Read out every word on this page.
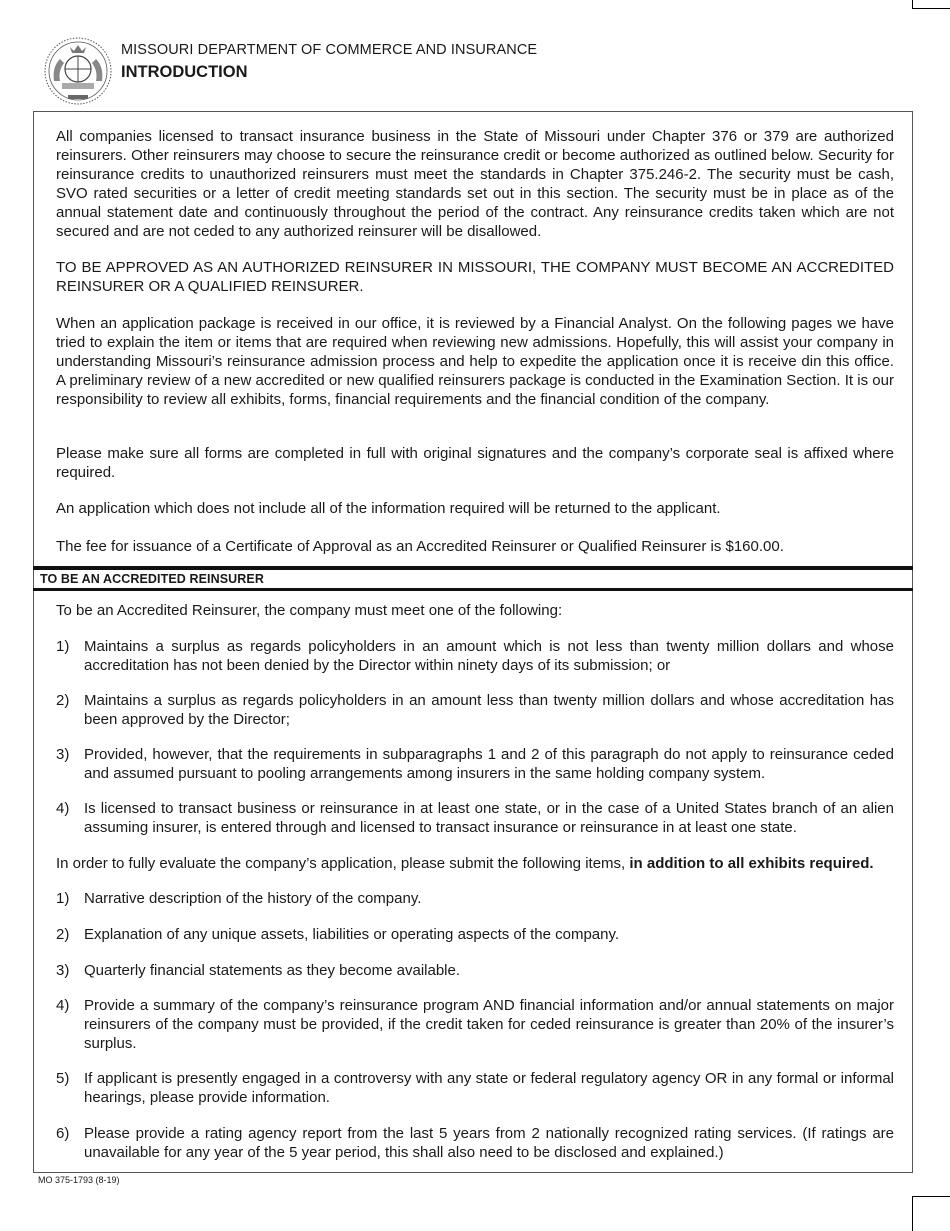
MISSOURI DEPARTMENT OF COMMERCE AND INSURANCE
INTRODUCTION

All companies licensed to transact insurance business in the State of Missouri under Chapter 376 or 379 are authorized reinsurers. Other reinsurers may choose to secure the reinsurance credit or become authorized as outlined below. Security for reinsurance credits to unauthorized reinsurers must meet the standards in Chapter 375.246-2. The security must be cash, SVO rated securities or a letter of credit meeting standards set out in this section. The security must be in place as of the annual statement date and continuously throughout the period of the contract. Any reinsurance credits taken which are not secured and are not ceded to any authorized reinsurer will be disallowed.

TO BE APPROVED AS AN AUTHORIZED REINSURER IN MISSOURI, THE COMPANY MUST BECOME AN ACCREDITED REINSURER OR A QUALIFIED REINSURER.

When an application package is received in our office, it is reviewed by a Financial Analyst. On the following pages we have tried to explain the item or items that are required when reviewing new admissions. Hopefully, this will assist your company in understanding Missouri’s reinsurance admission process and help to expedite the application once it is receive din this office. A preliminary review of a new accredited or new qualified reinsurers package is conducted in the Examination Section. It is our responsibility to review all exhibits, forms, financial requirements and the financial condition of the company.

Please make sure all forms are completed in full with original signatures and the company’s corporate seal is affixed where required.

An application which does not include all of the information required will be returned to the applicant.

The fee for issuance of a Certificate of Approval as an Accredited Reinsurer or Qualified Reinsurer is $160.00.

TO BE AN ACCREDITED REINSURER

To be an Accredited Reinsurer, the company must meet one of the following:

1) Maintains a surplus as regards policyholders in an amount which is not less than twenty million dollars and whose accreditation has not been denied by the Director within ninety days of its submission; or
2) Maintains a surplus as regards policyholders in an amount less than twenty million dollars and whose accreditation has been approved by the Director;
3) Provided, however, that the requirements in subparagraphs 1 and 2 of this paragraph do not apply to reinsurance ceded and assumed pursuant to pooling arrangements among insurers in the same holding company system.
4) Is licensed to transact business or reinsurance in at least one state, or in the case of a United States branch of an alien assuming insurer, is entered through and licensed to transact insurance or reinsurance in at least one state.

In order to fully evaluate the company’s application, please submit the following items, in addition to all exhibits required.

1) Narrative description of the history of the company.
2) Explanation of any unique assets, liabilities or operating aspects of the company.
3) Quarterly financial statements as they become available.
4) Provide a summary of the company’s reinsurance program AND financial information and/or annual statements on major reinsurers of the company must be provided, if the credit taken for ceded reinsurance is greater than 20% of the insurer’s surplus.
5) If applicant is presently engaged in a controversy with any state or federal regulatory agency OR in any formal or informal hearings, please provide information.
6) Please provide a rating agency report from the last 5 years from 2 nationally recognized rating services. (If ratings are unavailable for any year of the 5 year period, this shall also need to be disclosed and explained.)
MO 375-1793 (8-19)
